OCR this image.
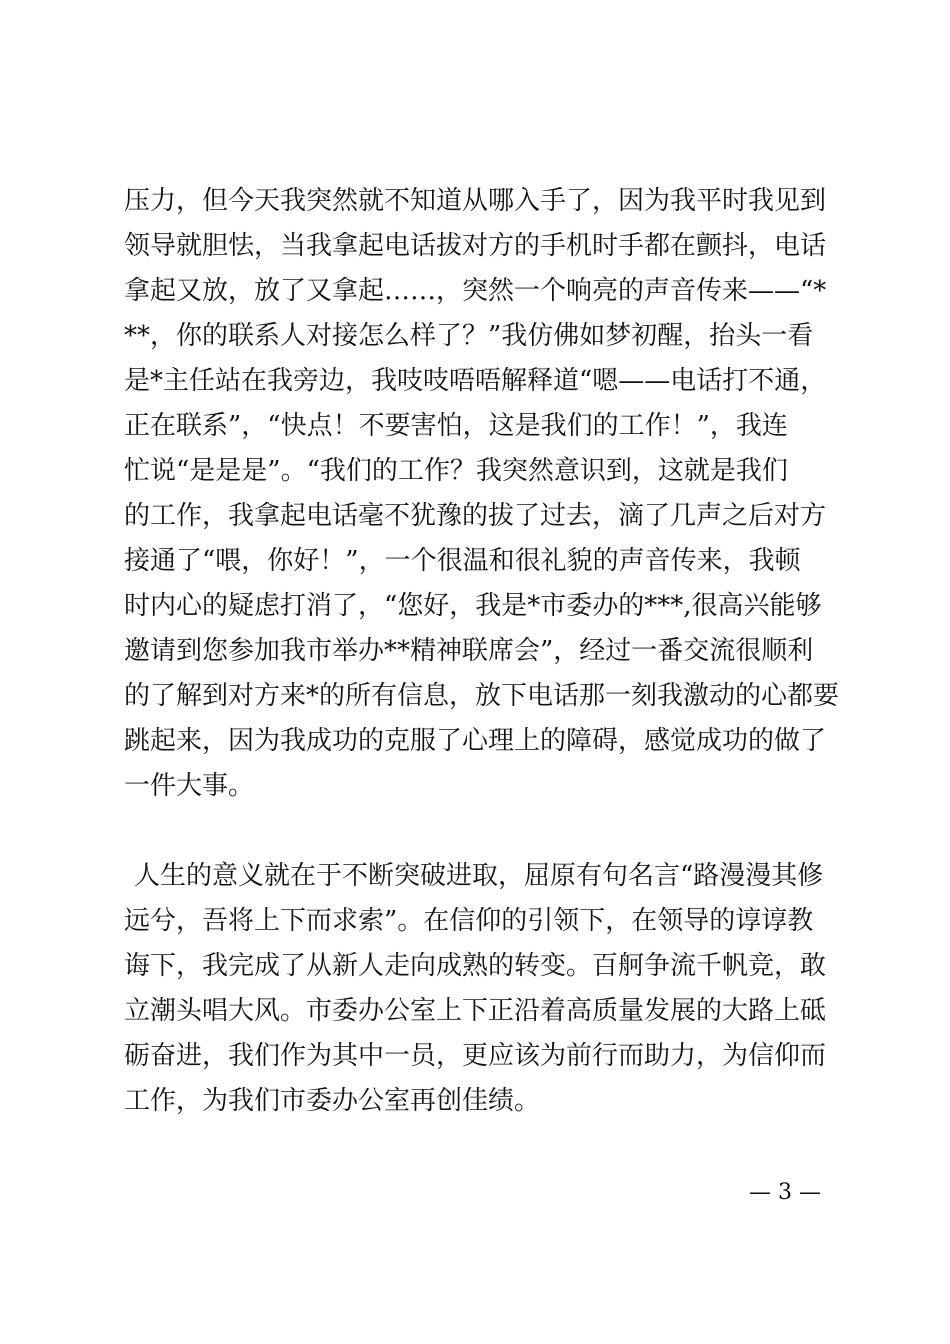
压力，但今天我突然就不知道从哪入手了，因为我平时我见到
领导就胆怯，当我拿起电话拔对方的手机时手都在颤抖，电话
拿起又放，放了又拿起……，突然一个响亮的声音传来——“*
**，你的联系人对接怎么样了？”我仿佛如梦初醒，抬头一看
是*主任站在我旁边，我吱吱唔唔解释道“嗯——电话打不通，
正在联系”，“快点！不要害怕，这是我们的工作！”，我连
忙说“是是是”。“我们的工作？我突然意识到，这就是我们
的工作，我拿起电话毫不犹豫的拔了过去，滴了几声之后对方
接通了“喂，你好！”，一个很温和很礼貌的声音传来，我顿
时内心的疑虑打消了，“您好，我是*市委办的***,很高兴能够
邀请到您参加我市举办**精神联席会”，经过一番交流很顺利
的了解到对方来*的所有信息，放下电话那一刻我激动的心都要
跳起来，因为我成功的克服了心理上的障碍，感觉成功的做了
一件大事。
人生的意义就在于不断突破进取，屈原有句名言“路漫漫其修
远兮，吾将上下而求索”。在信仰的引领下，在领导的谆谆教
诲下，我完成了从新人走向成熟的转变。百舸争流千帆竞，敢
立潮头唱大风。市委办公室上下正沿着高质量发展的大路上砥
砺奋进，我们作为其中一员，更应该为前行而助力，为信仰而
工作，为我们市委办公室再创佳绩。
— 3 —
